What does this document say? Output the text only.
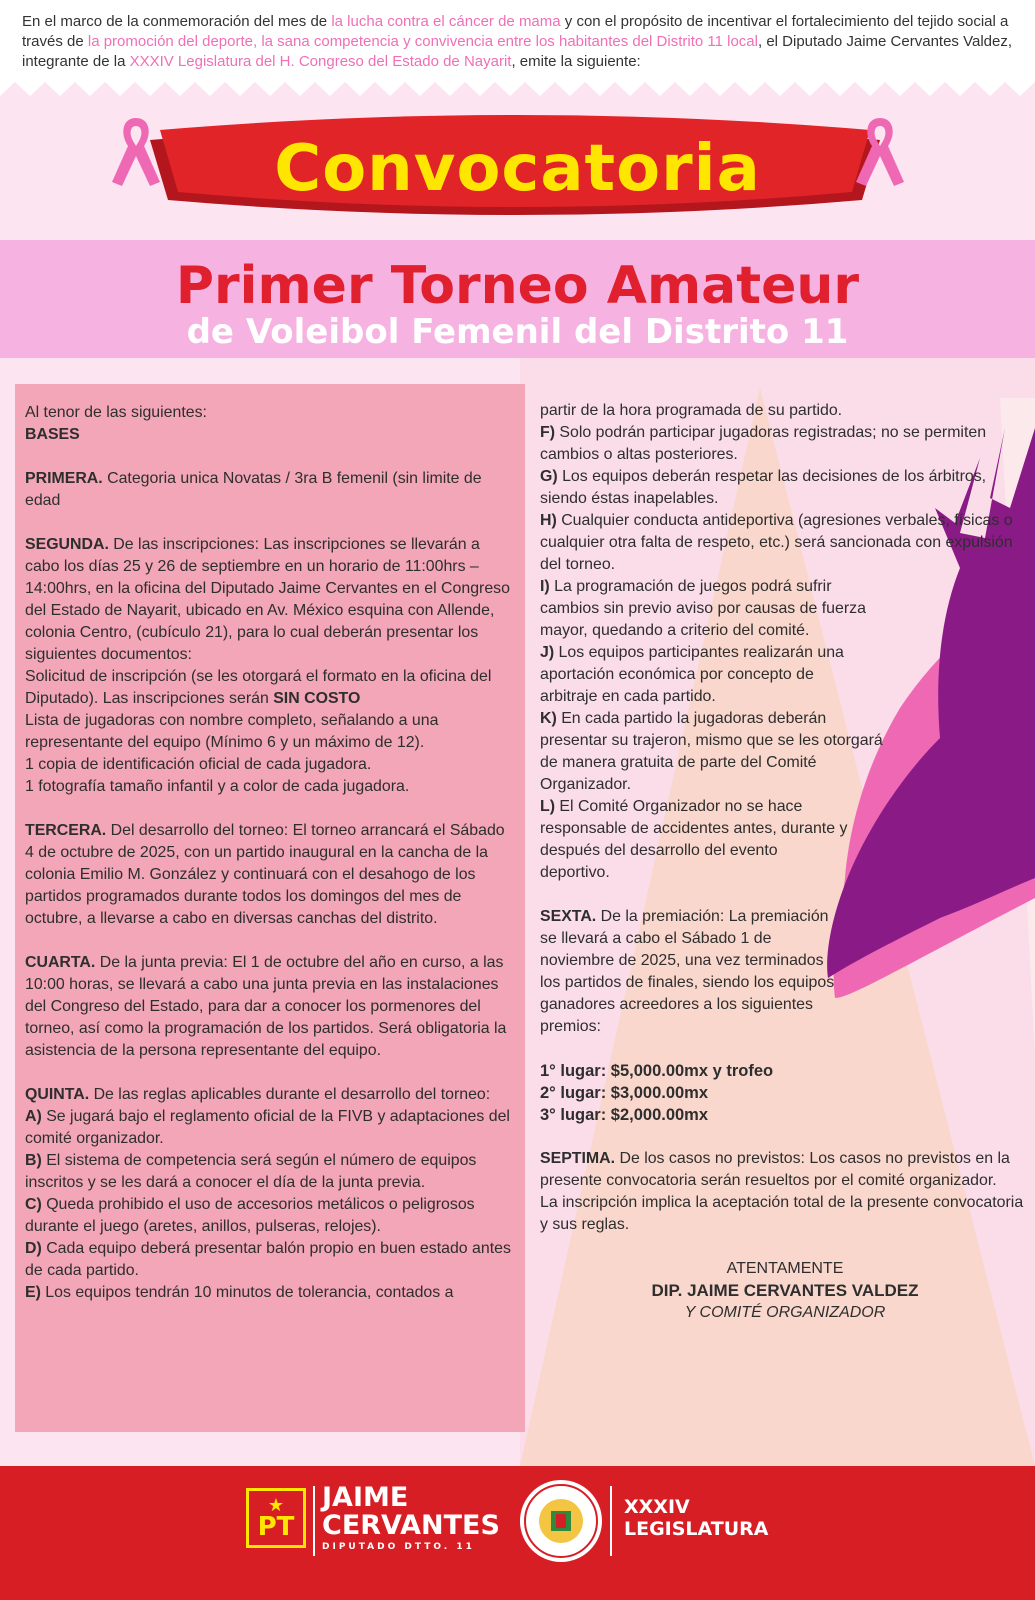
En el marco de la conmemoración del mes de la lucha contra el cáncer de mama y con el propósito de incentivar el fortalecimiento del tejido social a través de la promoción del deporte, la sana competencia y convivencia entre los habitantes del Distrito 11 local, el Diputado Jaime Cervantes Valdez, integrante de la XXXIV Legislatura del H. Congreso del Estado de Nayarit, emite la siguiente:
Convocatoria
Primer Torneo Amateur
de Voleibol Femenil del Distrito 11

Al tenor de las siguientes:

BASES

PRIMERA. Categoria unica Novatas / 3ra B femenil (sin limite de edad

SEGUNDA. De las inscripciones: Las inscripciones se llevarán a cabo los días 25 y 26 de septiembre en un horario de 11:00hrs – 14:00hrs, en la oficina del Diputado Jaime Cervantes en el Congreso del Estado de Nayarit, ubicado en Av. México esquina con Allende, colonia Centro, (cubículo 21), para lo cual deberán presentar los siguientes documentos:

Solicitud de inscripción (se les otorgará el formato en la oficina del Diputado). Las inscripciones serán SIN COSTO

Lista de jugadoras con nombre completo, señalando a una representante del equipo (Mínimo 6 y un máximo de 12).

1 copia de identificación oficial de cada jugadora.

1 fotografía tamaño infantil y a color de cada jugadora.

TERCERA. Del desarrollo del torneo: El torneo arrancará el Sábado 4 de octubre de 2025, con un partido inaugural en la cancha de la colonia Emilio M. González y continuará con el desahogo de los partidos programados durante todos los domingos del mes de octubre, a llevarse a cabo en diversas canchas del distrito.

CUARTA. De la junta previa: El 1 de octubre del año en curso, a las 10:00 horas, se llevará a cabo una junta previa en las instalaciones del Congreso del Estado, para dar a conocer los pormenores del torneo, así como la programación de los partidos. Será obligatoria la asistencia de la persona representante del equipo.

QUINTA. De las reglas aplicables durante el desarrollo del torneo:

A) Se jugará bajo el reglamento oficial de la FIVB y adaptaciones del comité organizador.

B) El sistema de competencia será según el número de equipos inscritos y se les dará a conocer el día de la junta previa.

C) Queda prohibido el uso de accesorios metálicos o peligrosos durante el juego (aretes, anillos, pulseras, relojes).

D) Cada equipo deberá presentar balón propio en buen estado antes de cada partido.

E) Los equipos tendrán 10 minutos de tolerancia, contados a

partir de la hora programada de su partido.

F) Solo podrán participar jugadoras registradas; no se permiten cambios o altas posteriores.

G) Los equipos deberán respetar las decisiones de los árbitros, siendo éstas inapelables.

H) Cualquier conducta antideportiva (agresiones verbales, físicas o cualquier otra falta de respeto, etc.) será sancionada con expulsión del torneo.

I) La programación de juegos podrá sufrir cambios sin previo aviso por causas de fuerza mayor, quedando a criterio del comité.

J) Los equipos participantes realizarán una aportación económica por concepto de arbitraje en cada partido.

K) En cada partido la jugadoras deberán presentar su trajeron, mismo que se les otorgará de manera gratuita de parte del Comité Organizador.

L) El Comité Organizador no se hace responsable de accidentes antes, durante y después del desarrollo del evento deportivo.

SEXTA. De la premiación: La premiación se llevará a cabo el Sábado 1 de noviembre de 2025, una vez terminados los partidos de finales, siendo los equipos ganadores acreedores a los siguientes premios:

1° lugar: $5,000.00mx y trofeo

2° lugar: $3,000.00mx

3° lugar: $2,000.00mx

SEPTIMA. De los casos no previstos: Los casos no previstos en la presente convocatoria serán resueltos por el comité organizador.

La inscripción implica la aceptación total de la presente convocatoria y sus reglas.

ATENTAMENTE

DIP. JAIME CERVANTES VALDEZ

Y COMITÉ ORGANIZADOR

★
PT
JAIME
CERVANTES
DIPUTADO DTTO. 11
XXXIV
LEGISLATURA
